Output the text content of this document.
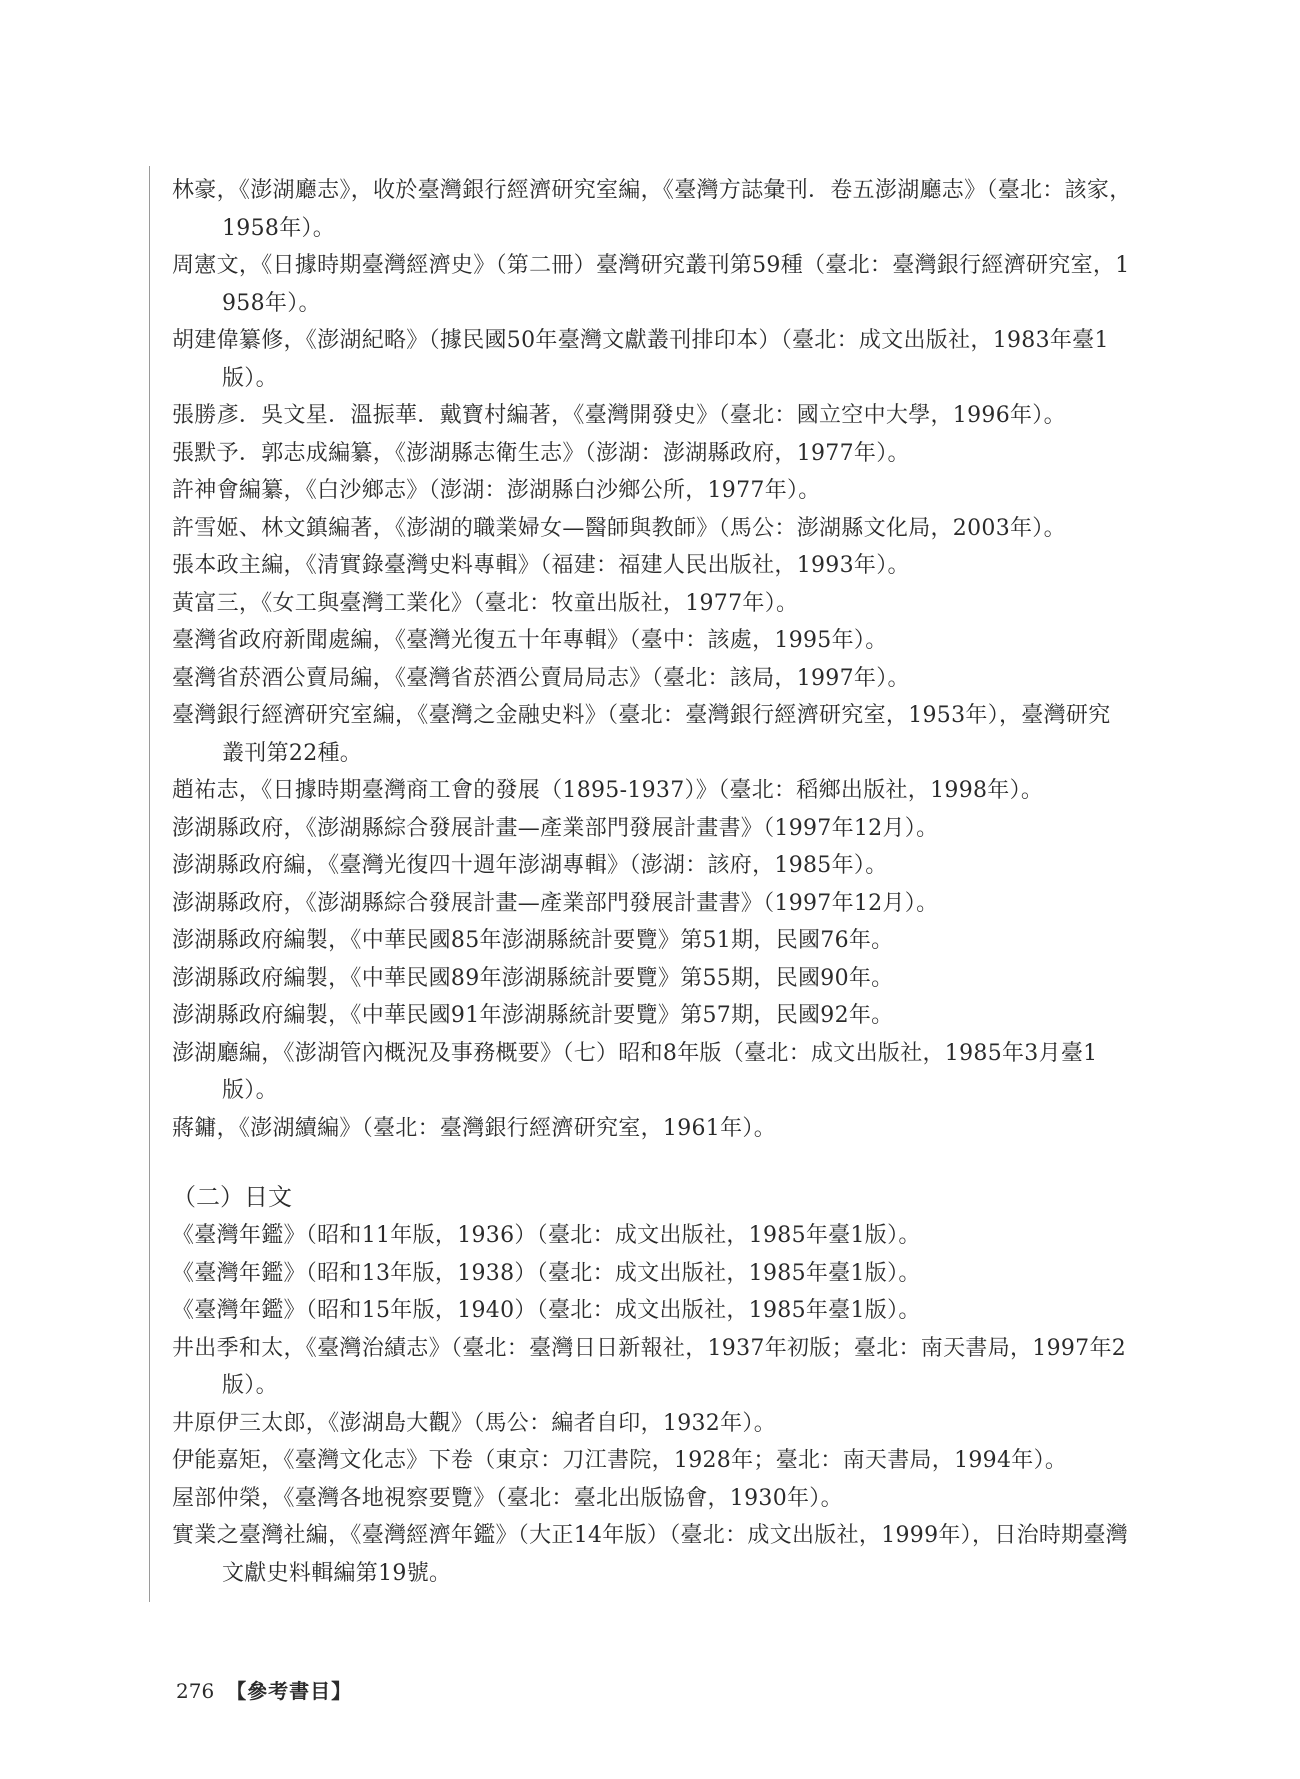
林豪，《澎湖廳志》，收於臺灣銀行經濟研究室編，《臺灣方誌彙刊．卷五澎湖廳志》（臺北：該家，1958年）。
周憲文，《日據時期臺灣經濟史》（第二冊）臺灣研究叢刊第59種（臺北：臺灣銀行經濟研究室，1958年）。
胡建偉纂修，《澎湖紀略》（據民國50年臺灣文獻叢刊排印本）（臺北：成文出版社，1983年臺1版）。
張勝彥．吳文星．溫振華．戴寶村編著，《臺灣開發史》（臺北：國立空中大學，1996年）。
張默予．郭志成編纂，《澎湖縣志衛生志》（澎湖：澎湖縣政府，1977年）。
許神會編纂，《白沙鄉志》（澎湖：澎湖縣白沙鄉公所，1977年）。
許雪姬、林文鎮編著，《澎湖的職業婦女—醫師與教師》（馬公：澎湖縣文化局，2003年）。
張本政主編，《清實錄臺灣史料專輯》（福建：福建人民出版社，1993年）。
黃富三，《女工與臺灣工業化》（臺北：牧童出版社，1977年）。
臺灣省政府新聞處編，《臺灣光復五十年專輯》（臺中：該處，1995年）。
臺灣省菸酒公賣局編，《臺灣省菸酒公賣局局志》（臺北：該局，1997年）。
臺灣銀行經濟研究室編，《臺灣之金融史料》（臺北：臺灣銀行經濟研究室，1953年），臺灣研究叢刊第22種。
趙祐志，《日據時期臺灣商工會的發展（1895-1937）》（臺北：稻鄉出版社，1998年）。
澎湖縣政府，《澎湖縣綜合發展計畫—產業部門發展計畫書》（1997年12月）。
澎湖縣政府編，《臺灣光復四十週年澎湖專輯》（澎湖：該府，1985年）。
澎湖縣政府，《澎湖縣綜合發展計畫—產業部門發展計畫書》（1997年12月）。
澎湖縣政府編製，《中華民國85年澎湖縣統計要覽》第51期，民國76年。
澎湖縣政府編製，《中華民國89年澎湖縣統計要覽》第55期，民國90年。
澎湖縣政府編製，《中華民國91年澎湖縣統計要覽》第57期，民國92年。
澎湖廳編，《澎湖管內概況及事務概要》（七）昭和8年版（臺北：成文出版社，1985年3月臺1版）。
蔣鏞，《澎湖續編》（臺北：臺灣銀行經濟研究室，1961年）。
（二）日文
《臺灣年鑑》（昭和11年版，1936）（臺北：成文出版社，1985年臺1版）。
《臺灣年鑑》（昭和13年版，1938）（臺北：成文出版社，1985年臺1版）。
《臺灣年鑑》（昭和15年版，1940）（臺北：成文出版社，1985年臺1版）。
井出季和太，《臺灣治績志》（臺北：臺灣日日新報社，1937年初版；臺北：南天書局，1997年2版）。
井原伊三太郎，《澎湖島大觀》（馬公：編者自印，1932年）。
伊能嘉矩，《臺灣文化志》下卷（東京：刀江書院，1928年；臺北：南天書局，1994年）。
屋部仲榮，《臺灣各地視察要覽》（臺北：臺北出版協會，1930年）。
實業之臺灣社編，《臺灣經濟年鑑》（大正14年版）（臺北：成文出版社，1999年），日治時期臺灣文獻史料輯編第19號。
276 【參考書目】
